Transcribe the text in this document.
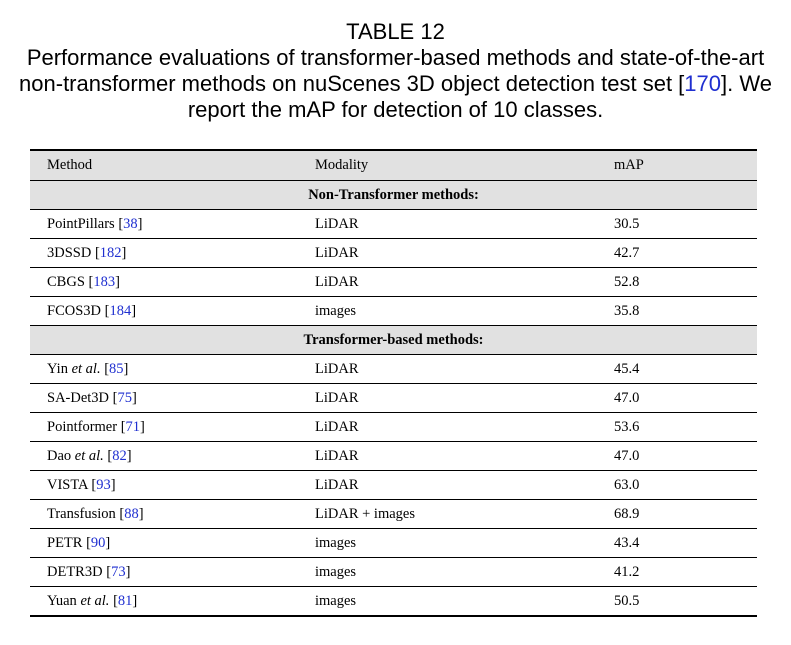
TABLE 12
Performance evaluations of transformer-based methods and state-of-the-art non-transformer methods on nuScenes 3D object detection test set [170]. We report the mAP for detection of 10 classes.
Method	Modality	mAP
Non-Transformer methods:		
PointPillars [38]	LiDAR	30.5
3DSSD [182]	LiDAR	42.7
CBGS [183]	LiDAR	52.8
FCOS3D [184]	images	35.8
Transformer-based methods:		
Yin et al. [85]	LiDAR	45.4
SA-Det3D [75]	LiDAR	47.0
Pointformer [71]	LiDAR	53.6
Dao et al. [82]	LiDAR	47.0
VISTA [93]	LiDAR	63.0
Transfusion [88]	LiDAR + images	68.9
PETR [90]	images	43.4
DETR3D [73]	images	41.2
Yuan et al. [81]	images	50.5
